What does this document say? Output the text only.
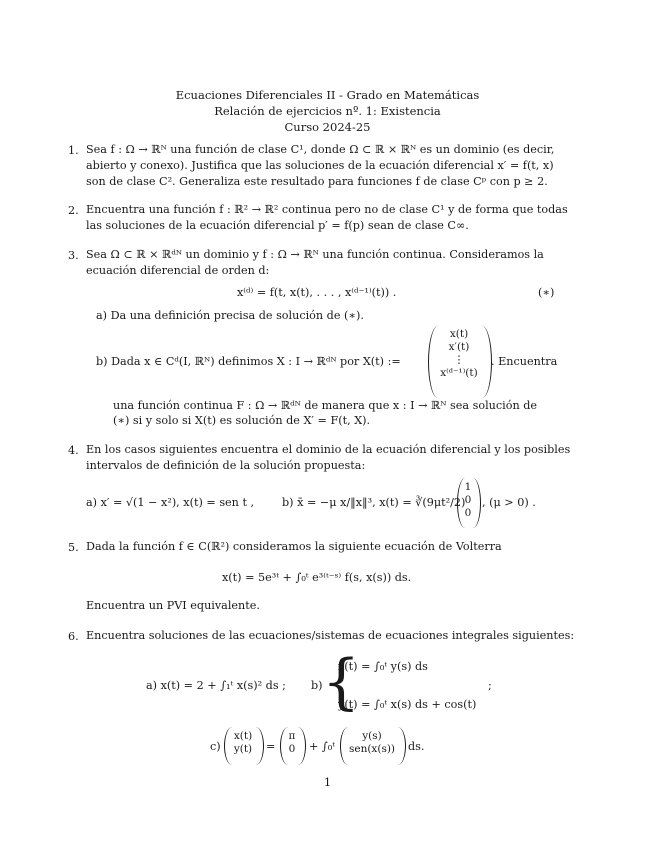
Ecuaciones Diferenciales II - Grado en Matemáticas
Relación de ejercicios nº. 1: Existencia
Curso 2024-25
1. Sea f : Ω → ℝᴺ una función de clase C¹, donde Ω ⊂ ℝ × ℝᴺ es un dominio (es decir,
abierto y conexo). Justifica que las soluciones de la ecuación diferencial x′ = f(t, x)
son de clase C². Generaliza este resultado para funciones f de clase Cᵖ con p ≥ 2.
2. Encuentra una función f : ℝ² → ℝ² continua pero no de clase C¹ y de forma que todas
las soluciones de la ecuación diferencial p′ = f(p) sean de clase C∞.
3. Sea Ω ⊂ ℝ × ℝᵈᴺ un dominio y f : Ω → ℝᴺ una función continua. Consideramos la
ecuación diferencial de orden d:
x⁽ᵈ⁾ = f(t, x(t), . . . , x⁽ᵈ⁻¹⁾(t)) .	(∗)
a) Da una definición precisa de solución de (∗).
b) Dada x ∈ Cᵈ(I, ℝᴺ) definimos X : I → ℝᵈᴺ por X(t) :=
x(t)
x′(t)
⋮
x⁽ᵈ⁻¹⁾(t)
. Encuentra
una función continua F : Ω → ℝᵈᴺ de manera que x : I → ℝᴺ sea solución de
(∗) si y solo si X(t) es solución de X′ = F(t, X).
4. En los casos siguientes encuentra el dominio de la ecuación diferencial y los posibles
intervalos de definición de la solución propuesta:
a) x′ = √(1 − x²), x(t) = sen t , b) x̄ = −μ x/‖x‖³, x(t) = ∛(9μt²/2)
1
0
0
, (μ > 0) .
5. Dada la función f ∈ C(ℝ²) consideramos la siguiente ecuación de Volterra
x(t) = 5e³ᵗ + ∫₀ᵗ e³⁽ᵗ⁻ˢ⁾ f(s, x(s)) ds.
Encuentra un PVI equivalente.
6. Encuentra soluciones de las ecuaciones/sistemas de ecuaciones integrales siguientes:
a) x(t) = 2 + ∫₁ᵗ x(s)² ds ; b) {
x(t) = ∫₀ᵗ y(s) ds
y(t) = ∫₀ᵗ x(s) ds + cos(t)
;
c)
x(t)
y(t)	=
π
0	+ ∫₀ᵗ
y(s)
sen(x(s))	ds.
1
